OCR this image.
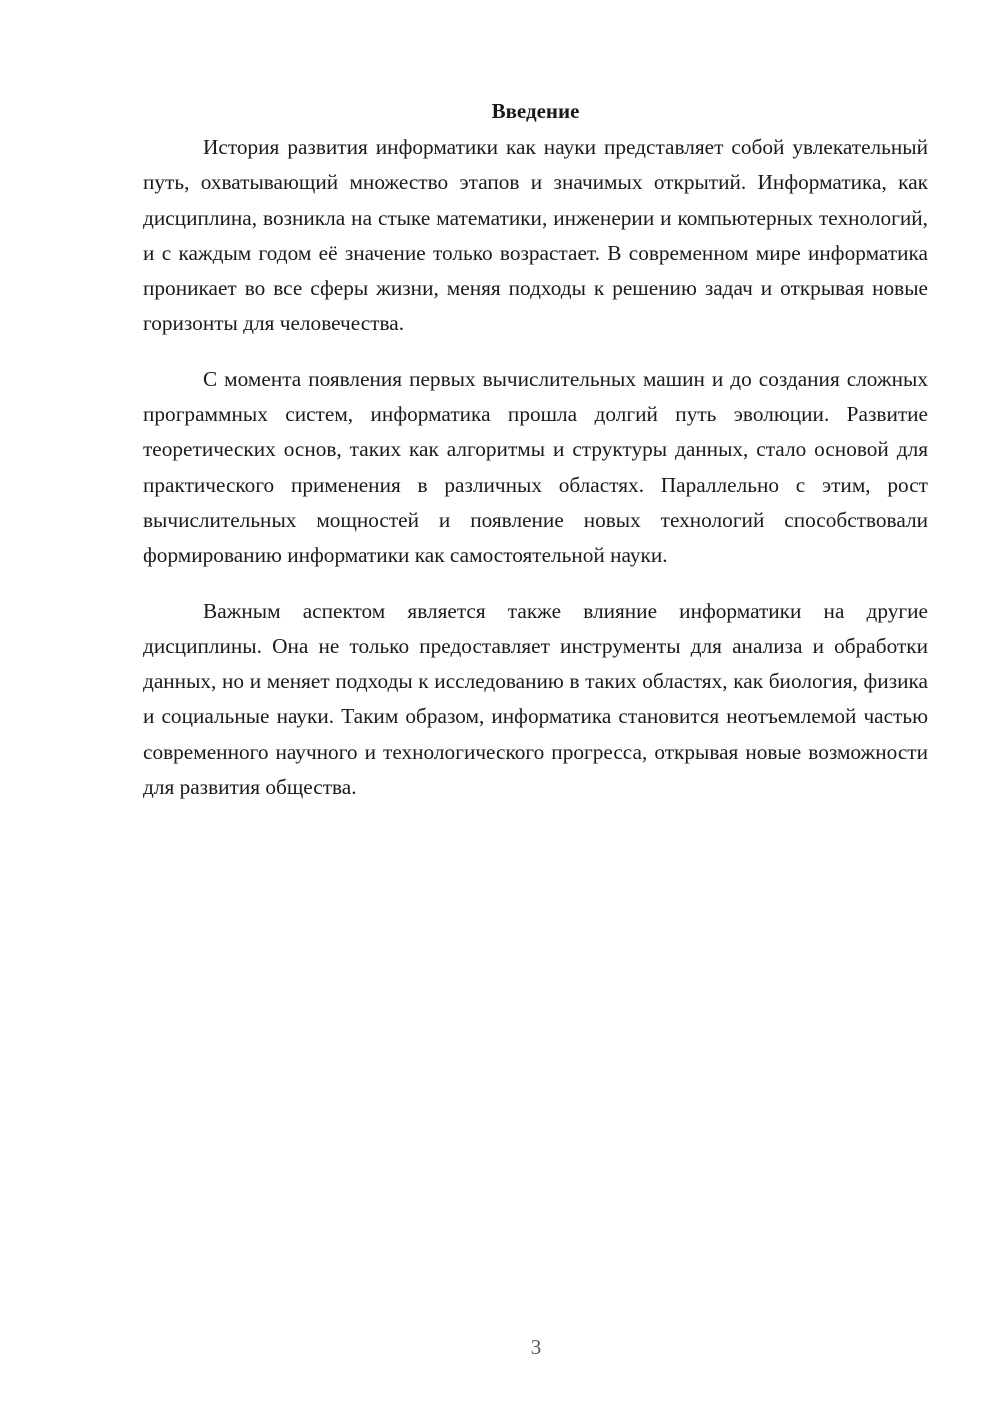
Введение

История развития информатики как науки представляет собой увлекательный путь, охватывающий множество этапов и значимых открытий. Информатика, как дисциплина, возникла на стыке математики, инженерии и компьютерных технологий, и с каждым годом её значение только возрастает. В современном мире информатика проникает во все сферы жизни, меняя подходы к решению задач и открывая новые горизонты для человечества.

С момента появления первых вычислительных машин и до создания сложных программных систем, информатика прошла долгий путь эволюции. Развитие теоретических основ, таких как алгоритмы и структуры данных, стало основой для практического применения в различных областях. Параллельно с этим, рост вычислительных мощностей и появление новых технологий способствовали формированию информатики как самостоятельной науки.

Важным аспектом является также влияние информатики на другие дисциплины. Она не только предоставляет инструменты для анализа и обработки данных, но и меняет подходы к исследованию в таких областях, как биология, физика и социальные науки. Таким образом, информатика становится неотъемлемой частью современного научного и технологического прогресса, открывая новые возможности для развития общества.

3
